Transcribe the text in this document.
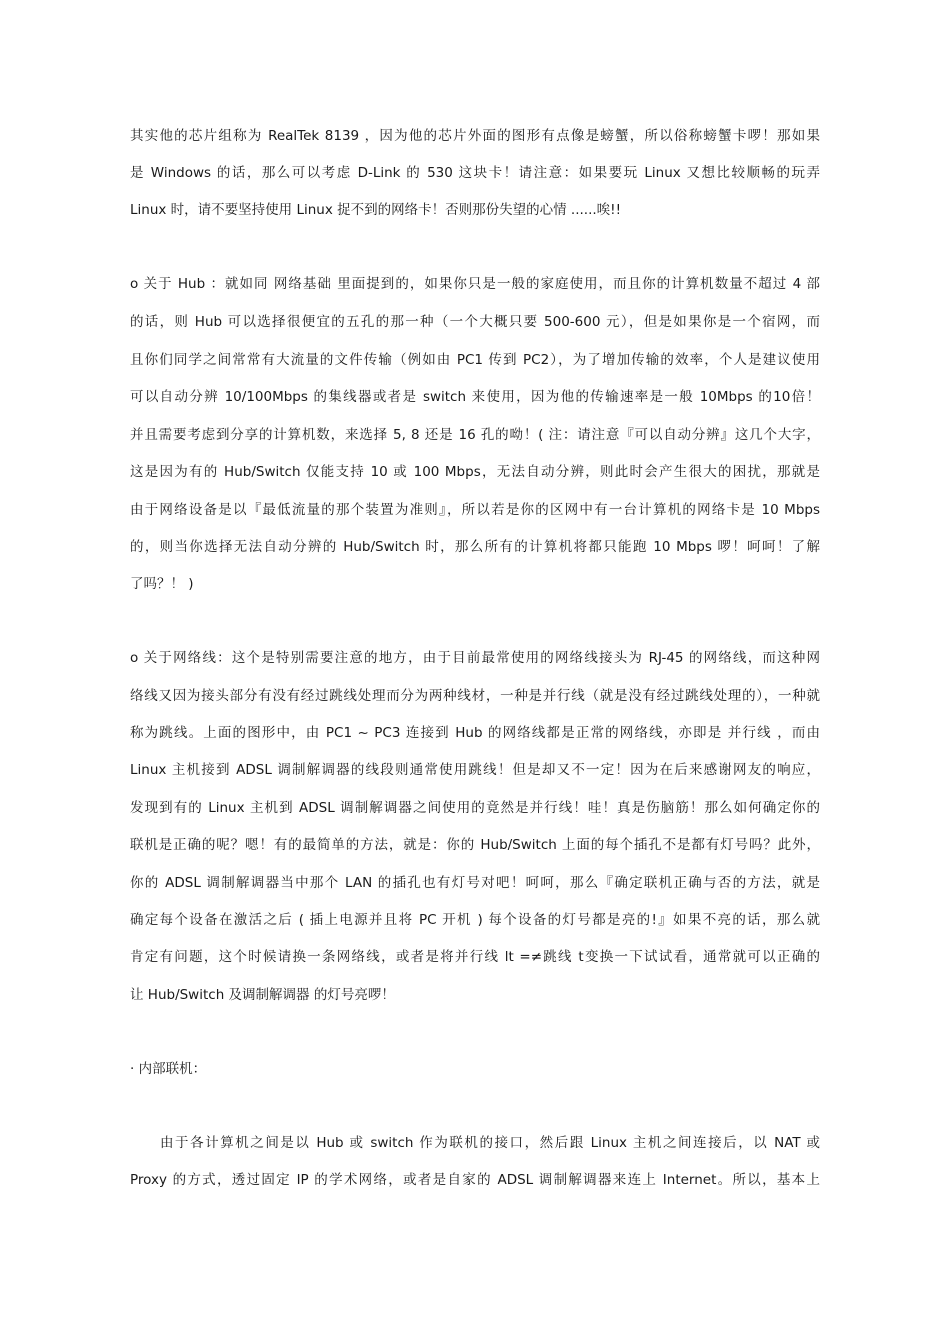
其实他的芯片组称为 RealTek 8139 ，因为他的芯片外面的图形有点像是螃蟹，所以俗称螃蟹卡啰！那如果
是 Windows 的话，那么可以考虑 D-Link 的 530 这块卡！请注意：如果要玩 Linux 又想比较顺畅的玩弄
Linux 时，请不要坚持使用 Linux 捉不到的网络卡！否则那份失望的心情 ......唉!!
o 关于 Hub ：就如同 网络基础 里面提到的，如果你只是一般的家庭使用，而且你的计算机数量不超过 4 部
的话，则 Hub 可以选择很便宜的五孔的那一种（一个大概只要 500-600 元），但是如果你是一个宿网，而
且你们同学之间常常有大流量的文件传输（例如由 PC1 传到 PC2），为了增加传输的效率，个人是建议使用
可以自动分辨 10/100Mbps 的集线器或者是 switch 来使用，因为他的传输速率是一般 10Mbps 的10倍！
并且需要考虑到分享的计算机数，来选择 5, 8 还是 16 孔的呦！( 注：请注意『可以自动分辨』这几个大字，
这是因为有的 Hub/Switch 仅能支持 10 或 100 Mbps，无法自动分辨，则此时会产生很大的困扰，那就是
由于网络设备是以『最低流量的那个装置为准则』，所以若是你的区网中有一台计算机的网络卡是 10 Mbps
的，则当你选择无法自动分辨的 Hub/Switch 时，那么所有的计算机将都只能跑 10 Mbps 啰！呵呵！了解
了吗？！ )
o 关于网络线：这个是特别需要注意的地方，由于目前最常使用的网络线接头为 RJ-45 的网络线，而这种网
络线又因为接头部分有没有经过跳线处理而分为两种线材，一种是并行线（就是没有经过跳线处理的），一种就
称为跳线。上面的图形中，由 PC1 ~ PC3 连接到 Hub 的网络线都是正常的网络线，亦即是 并行线 ，而由
Linux 主机接到 ADSL 调制解调器的线段则通常使用跳线！但是却又不一定！因为在后来感谢网友的响应，
发现到有的 Linux 主机到 ADSL 调制解调器之间使用的竟然是并行线！哇！真是伤脑筋！那么如何确定你的
联机是正确的呢？嗯！有的最简单的方法，就是：你的 Hub/Switch 上面的每个插孔不是都有灯号吗？此外，
你的 ADSL 调制解调器当中那个 LAN 的插孔也有灯号对吧！呵呵，那么『确定联机正确与否的方法，就是
确定每个设备在激活之后 ( 插上电源并且将 PC 开机 ) 每个设备的灯号都是亮的!』如果不亮的话，那么就
肯定有问题，这个时候请换一条网络线，或者是将并行线 lt =≠跳线 t变换一下试试看，通常就可以正确的
让 Hub/Switch 及调制解调器 的灯号亮啰！
· 内部联机：
由于各计算机之间是以 Hub 或 switch 作为联机的接口，然后跟 Linux 主机之间连接后，以 NAT 或
Proxy 的方式，透过固定 IP 的学术网络，或者是自家的 ADSL 调制解调器来连上 Internet。所以，基本上
